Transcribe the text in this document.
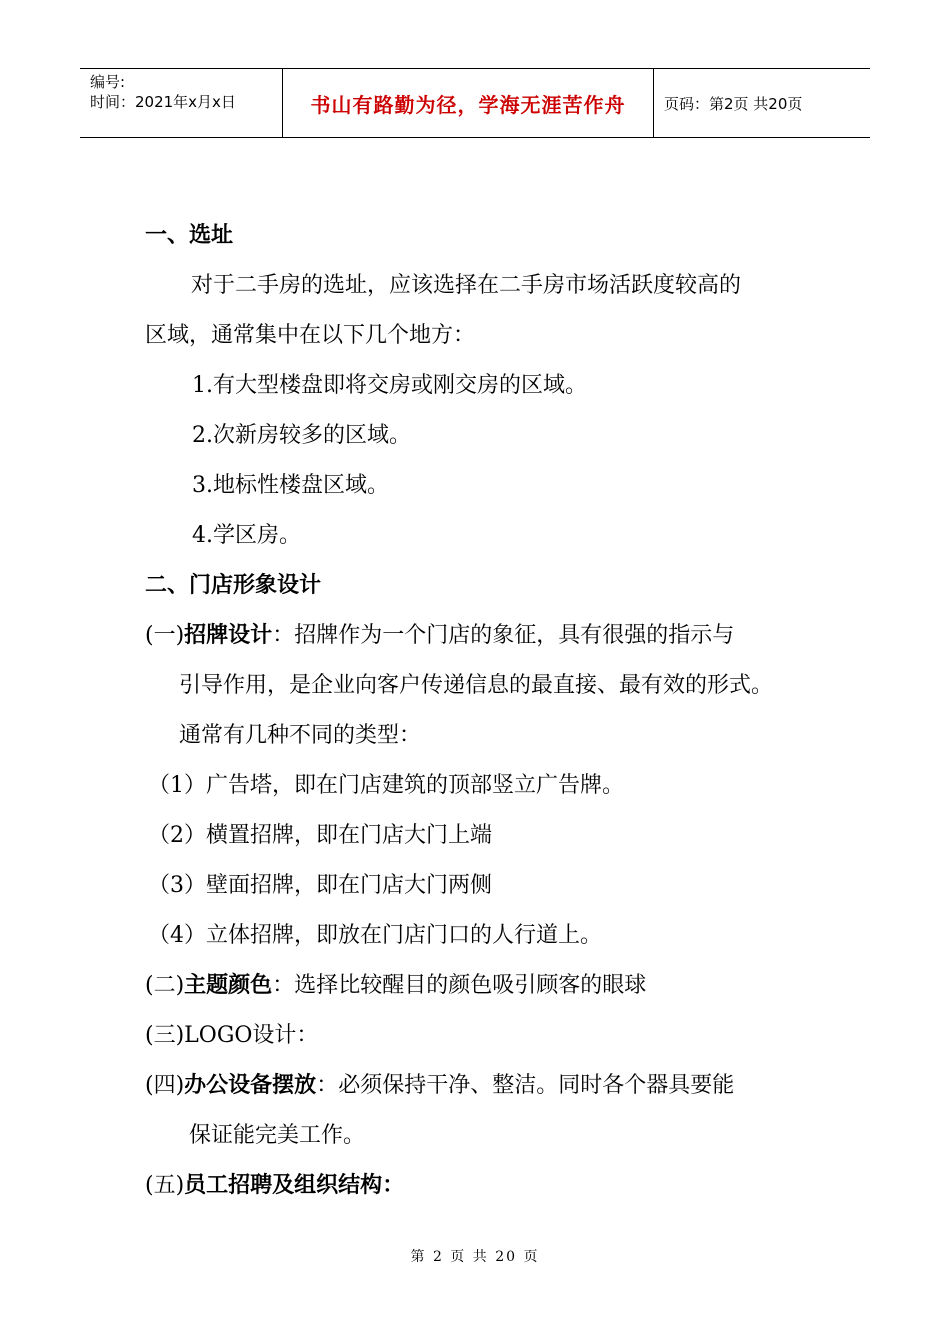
编号:
时间：2021年x月x日	书山有路勤为径，学海无涯苦作舟	页码：第2页 共20页
一、选址
对于二手房的选址，应该选择在二手房市场活跃度较高的
区域，通常集中在以下几个地方：
1.有大型楼盘即将交房或刚交房的区域。
2.次新房较多的区域。
3.地标性楼盘区域。
4.学区房。
二、门店形象设计
(一)招牌设计：招牌作为一个门店的象征，具有很强的指示与
引导作用，是企业向客户传递信息的最直接、最有效的形式。
通常有几种不同的类型：
（1）广告塔，即在门店建筑的顶部竖立广告牌。
（2）横置招牌，即在门店大门上端
（3）壁面招牌，即在门店大门两侧
（4）立体招牌，即放在门店门口的人行道上。
(二)主题颜色：选择比较醒目的颜色吸引顾客的眼球
(三)LOGO设计：
(四)办公设备摆放：必须保持干净、整洁。同时各个器具要能
保证能完美工作。
(五)员工招聘及组织结构：
第 2 页 共 20 页
